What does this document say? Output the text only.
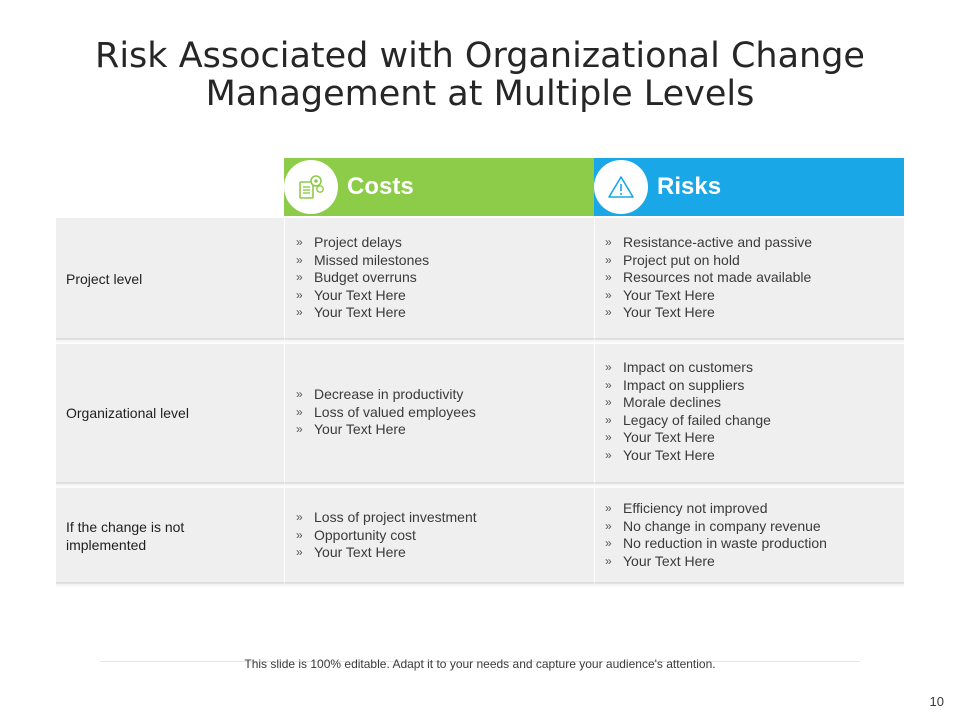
Risk Associated with Organizational Change
Management at Multiple Levels
Costs	Risks
Project level
» Project delays
» Missed milestones
» Budget overruns
» Your Text Here
» Your Text Here
» Resistance-active and passive
» Project put on hold
» Resources not made available
» Your Text Here
» Your Text Here
Organizational level
» Decrease in productivity
» Loss of valued employees
» Your Text Here
» Impact on customers
» Impact on suppliers
» Morale declines
» Legacy of failed change
» Your Text Here
» Your Text Here
If the change is not implemented
» Loss of project investment
» Opportunity cost
» Your Text Here
» Efficiency not improved
» No change in company revenue
» No reduction in waste production
» Your Text Here
This slide is 100% editable. Adapt it to your needs and capture your audience's attention.
10
